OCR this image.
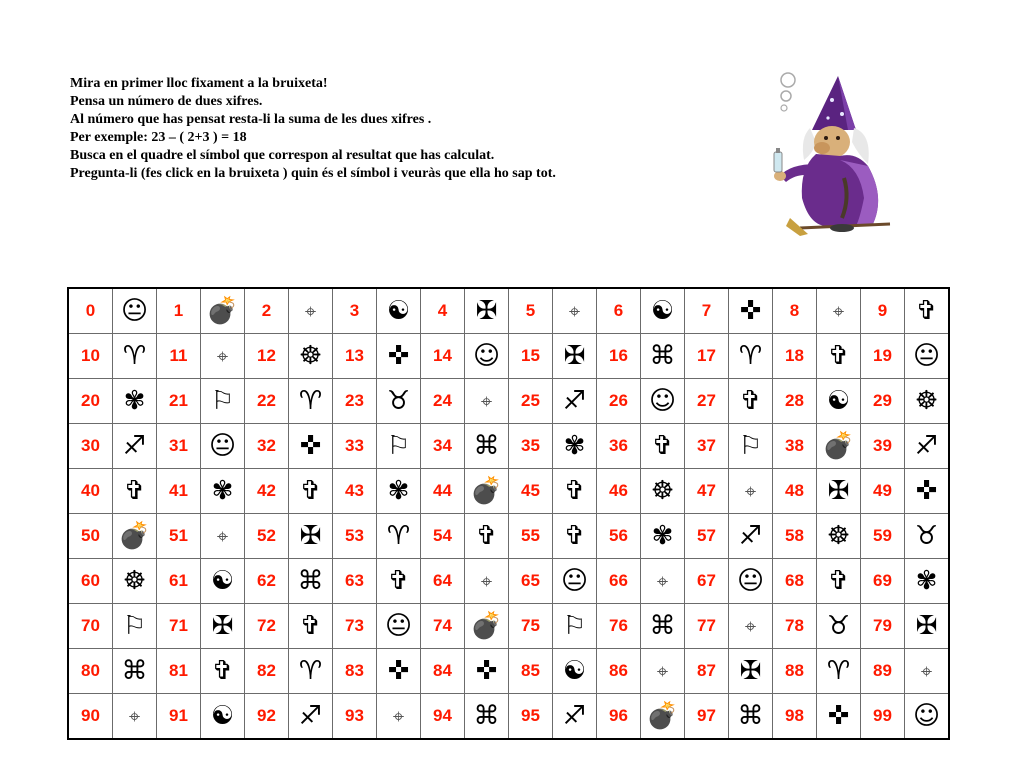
Mira en primer lloc fixament a la bruixeta!
Pensa un número de dues xifres.
Al número que has pensat resta-li la suma de les dues xifres .
Per exemple: 23 – ( 2+3 ) = 18
Busca en el quadre el símbol que correspon al resultat que has calculat.
Pregunta-li (fes click en la bruixeta ) quin és el símbol i veuràs que ella ho sap tot.
0	😐	1	💣	2	⌖	3	☯	4	✠	5	⌖	6	☯	7	✜	8	⌖	9	✞
10	♈	11	⌖	12	☸	13	✜	14	☺	15	✠	16	⌘	17	♈	18	✞	19	😐
20	✾	21	⚐	22	♈	23	♉	24	⌖	25	♐	26	☺	27	✞	28	☯	29	☸
30	♐	31	😐	32	✜	33	⚐	34	⌘	35	✾	36	✞	37	⚐	38	💣	39	♐
40	✞	41	✾	42	✞	43	✾	44	💣	45	✞	46	☸	47	⌖	48	✠	49	✜
50	💣	51	⌖	52	✠	53	♈	54	✞	55	✞	56	✾	57	♐	58	☸	59	♉
60	☸	61	☯	62	⌘	63	✞	64	⌖	65	😐	66	⌖	67	😐	68	✞	69	✾
70	⚐	71	✠	72	✞	73	😐	74	💣	75	⚐	76	⌘	77	⌖	78	♉	79	✠
80	⌘	81	✞	82	♈	83	✜	84	✜	85	☯	86	⌖	87	✠	88	♈	89	⌖
90	⌖	91	☯	92	♐	93	⌖	94	⌘	95	♐	96	💣	97	⌘	98	✜	99	☺
